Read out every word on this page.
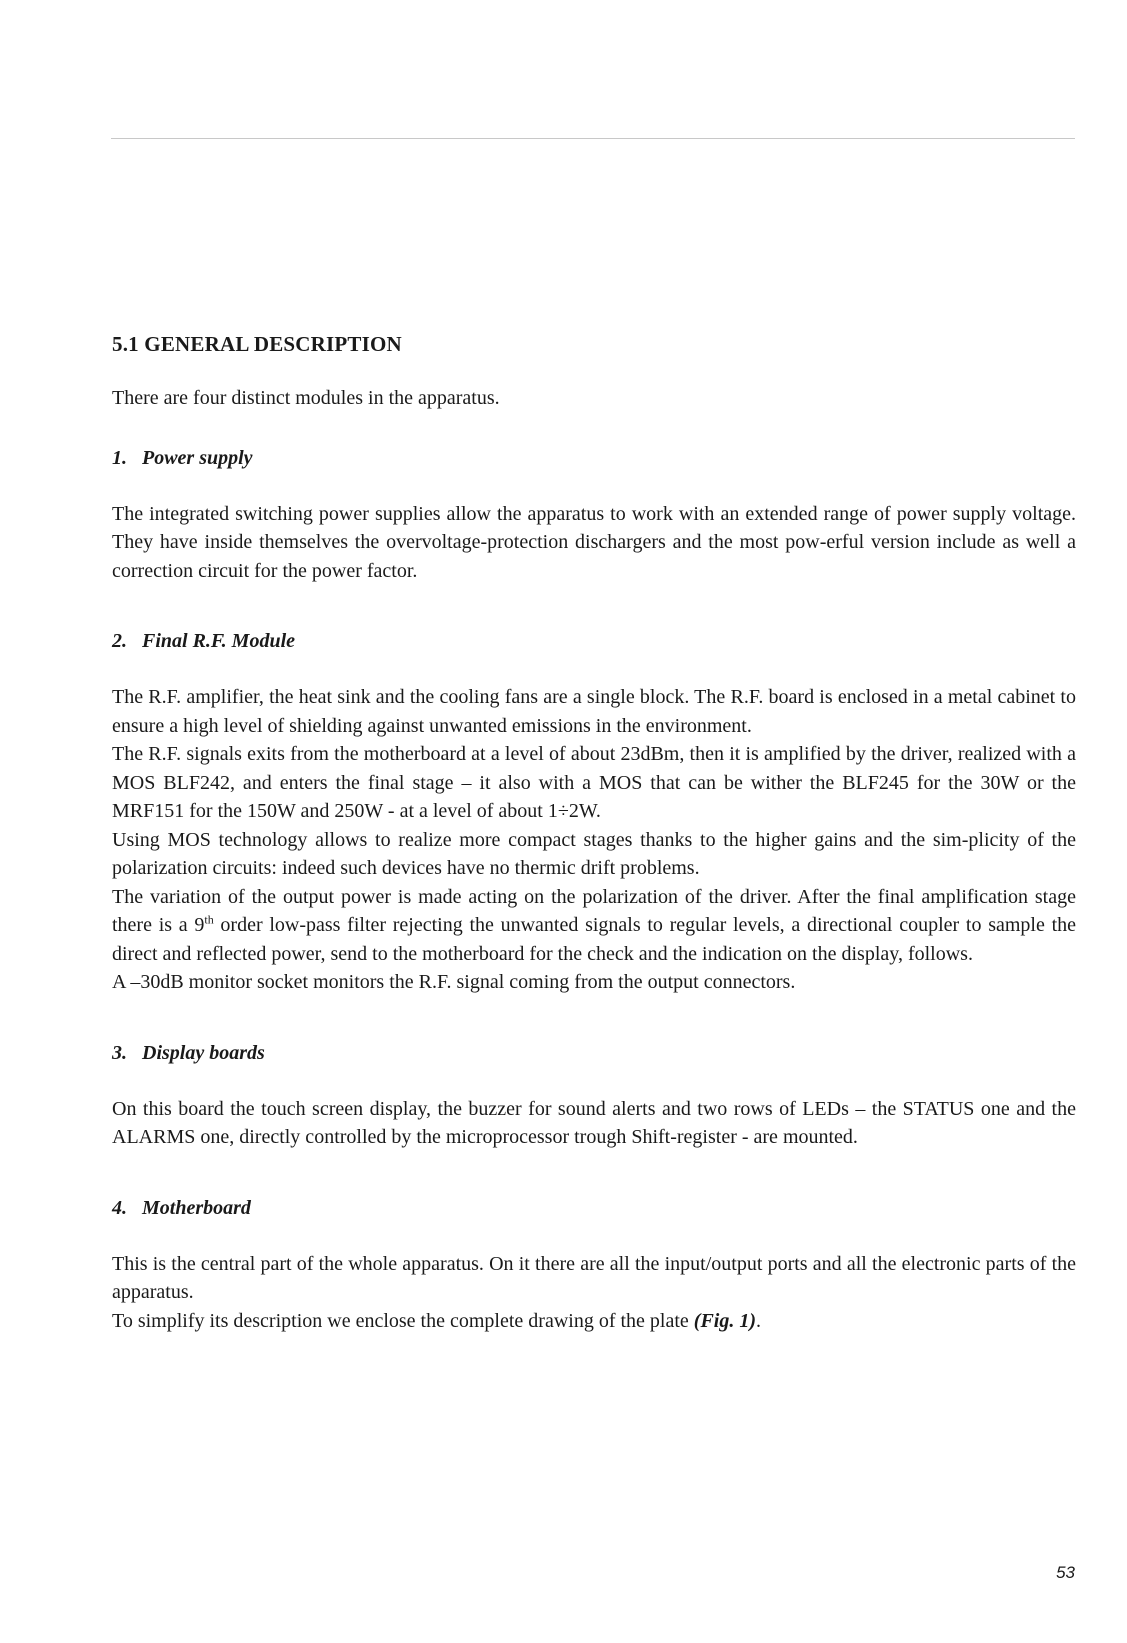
5.1 GENERAL DESCRIPTION

There are four distinct modules in the apparatus.

1. Power supply

The integrated switching power supplies allow the apparatus to work with an extended range of power supply voltage. They have inside themselves the overvoltage-protection dischargers and the most pow-erful version include as well a correction circuit for the power factor.

2. Final R.F. Module

The R.F. amplifier, the heat sink and the cooling fans are a single block. The R.F. board is enclosed in a metal cabinet to ensure a high level of shielding against unwanted emissions in the environment.

The R.F. signals exits from the motherboard at a level of about 23dBm, then it is amplified by the driver, realized with a MOS BLF242, and enters the final stage – it also with a MOS that can be wither the BLF245 for the 30W or the MRF151 for the 150W and 250W - at a level of about 1÷2W.

Using MOS technology allows to realize more compact stages thanks to the higher gains and the sim-plicity of the polarization circuits: indeed such devices have no thermic drift problems.

The variation of the output power is made acting on the polarization of the driver. After the final amplification stage there is a 9th order low-pass filter rejecting the unwanted signals to regular levels, a directional coupler to sample the direct and reflected power, send to the motherboard for the check and the indication on the display, follows.

A –30dB monitor socket monitors the R.F. signal coming from the output connectors.

3. Display boards

On this board the touch screen display, the buzzer for sound alerts and two rows of LEDs – the STATUS one and the ALARMS one, directly controlled by the microprocessor trough Shift-register - are mounted.

4. Motherboard

This is the central part of the whole apparatus. On it there are all the input/output ports and all the electronic parts of the apparatus.

To simplify its description we enclose the complete drawing of the plate (Fig. 1).

53
